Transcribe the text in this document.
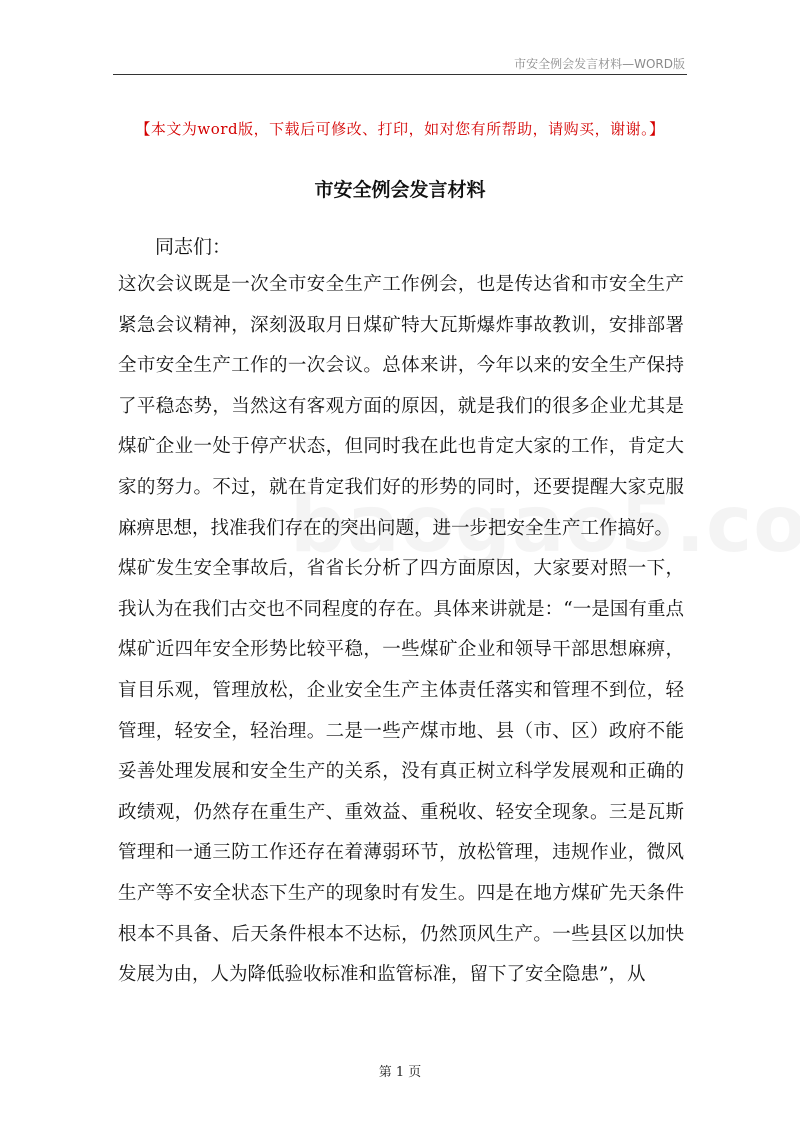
市安全例会发言材料—WORD版
【本文为word版，下载后可修改、打印，如对您有所帮助，请购买，谢谢。】
市安全例会发言材料
同志们：

这次会议既是一次全市安全生产工作例会，也是传达省和市安全生产紧急会议精神，深刻汲取月日煤矿特大瓦斯爆炸事故教训，安排部署全市安全生产工作的一次会议。总体来讲，今年以来的安全生产保持了平稳态势，当然这有客观方面的原因，就是我们的很多企业尤其是煤矿企业一处于停产状态，但同时我在此也肯定大家的工作，肯定大家的努力。不过，就在肯定我们好的形势的同时，还要提醒大家克服麻痹思想，找准我们存在的突出问题，进一步把安全生产工作搞好。

煤矿发生安全事故后，省省长分析了四方面原因，大家要对照一下，我认为在我们古交也不同程度的存在。具体来讲就是：“一是国有重点煤矿近四年安全形势比较平稳，一些煤矿企业和领导干部思想麻痹，盲目乐观，管理放松，企业安全生产主体责任落实和管理不到位，轻管理，轻安全，轻治理。二是一些产煤市地、县（市、区）政府不能妥善处理发展和安全生产的关系，没有真正树立科学发展观和正确的政绩观，仍然存在重生产、重效益、重税收、轻安全现象。三是瓦斯管理和一通三防工作还存在着薄弱环节，放松管理，违规作业，微风生产等不安全状态下生产的现象时有发生。四是在地方煤矿先天条件根本不具备、后天条件根本不达标，仍然顶风生产。一些县区以加快发展为由，人为降低验收标准和监管标准，留下了安全隐患”，从

第 1 页
